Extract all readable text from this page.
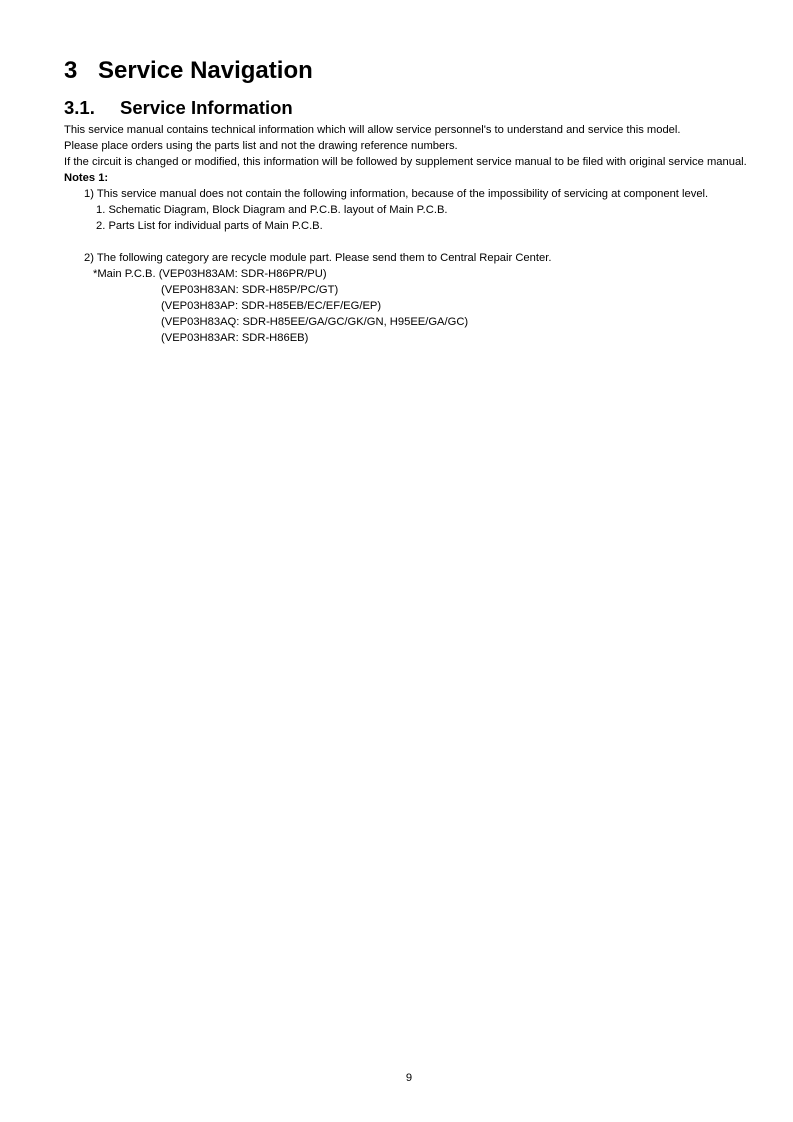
3 Service Navigation
3.1. Service Information

This service manual contains technical information which will allow service personnel's to understand and service this model.

Please place orders using the parts list and not the drawing reference numbers.

If the circuit is changed or modified, this information will be followed by supplement service manual to be filed with original service manual.

Notes 1:

1) This service manual does not contain the following information, because of the impossibility of servicing at component level.

1. Schematic Diagram, Block Diagram and P.C.B. layout of Main P.C.B.

2. Parts List for individual parts of Main P.C.B.

2) The following category are recycle module part. Please send them to Central Repair Center.

*Main P.C.B. (VEP03H83AM: SDR-H86PR/PU)

(VEP03H83AN: SDR-H85P/PC/GT)

(VEP03H83AP: SDR-H85EB/EC/EF/EG/EP)

(VEP03H83AQ: SDR-H85EE/GA/GC/GK/GN, H95EE/GA/GC)

(VEP03H83AR: SDR-H86EB)

9
